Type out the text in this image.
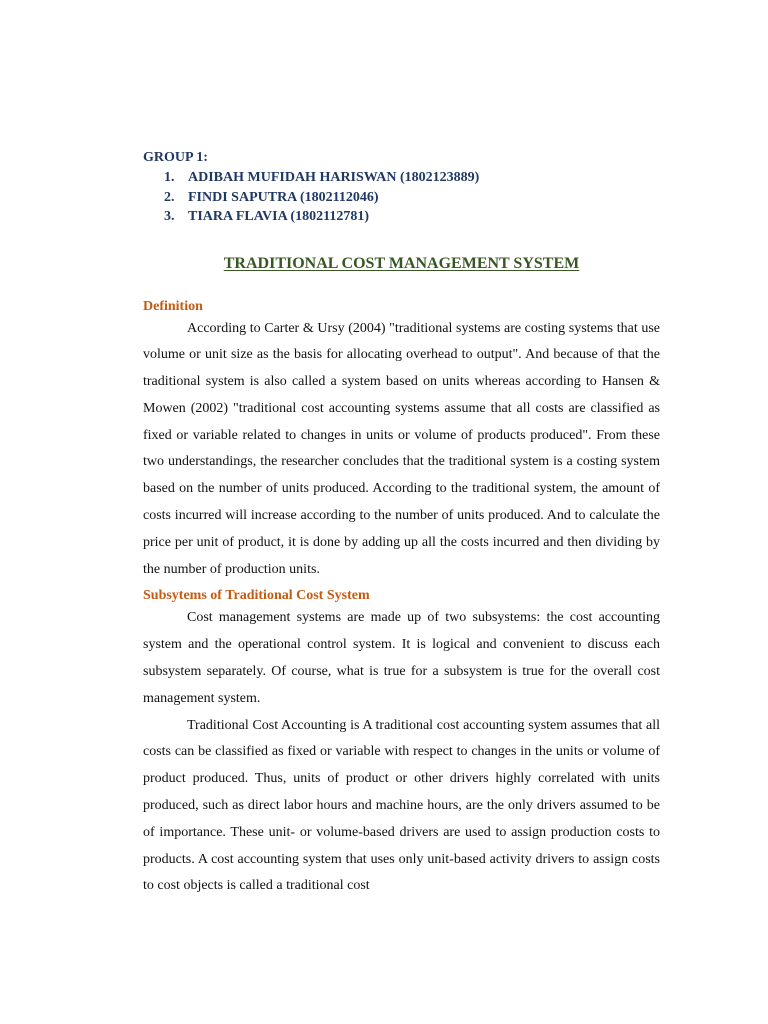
GROUP 1:

1. ADIBAH MUFIDAH HARISWAN (1802123889)
2. FINDI SAPUTRA (1802112046)
3. TIARA FLAVIA (1802112781)
TRADITIONAL COST MANAGEMENT SYSTEM
Definition

According to Carter & Ursy (2004) "traditional systems are costing systems that use volume or unit size as the basis for allocating overhead to output". And because of that the traditional system is also called a system based on units whereas according to Hansen & Mowen (2002) "traditional cost accounting systems assume that all costs are classified as fixed or variable related to changes in units or volume of products produced". From these two understandings, the researcher concludes that the traditional system is a costing system based on the number of units produced. According to the traditional system, the amount of costs incurred will increase according to the number of units produced. And to calculate the price per unit of product, it is done by adding up all the costs incurred and then dividing by the number of production units.

Subsytems of Traditional Cost System

Cost management systems are made up of two subsystems: the cost accounting system and the operational control system. It is logical and convenient to discuss each subsystem separately. Of course, what is true for a subsystem is true for the overall cost management system.

Traditional Cost Accounting is A traditional cost accounting system assumes that all costs can be classified as fixed or variable with respect to changes in the units or volume of product produced. Thus, units of product or other drivers highly correlated with units produced, such as direct labor hours and machine hours, are the only drivers assumed to be of importance. These unit- or volume-based drivers are used to assign production costs to products. A cost accounting system that uses only unit-based activity drivers to assign costs to cost objects is called a traditional cost
